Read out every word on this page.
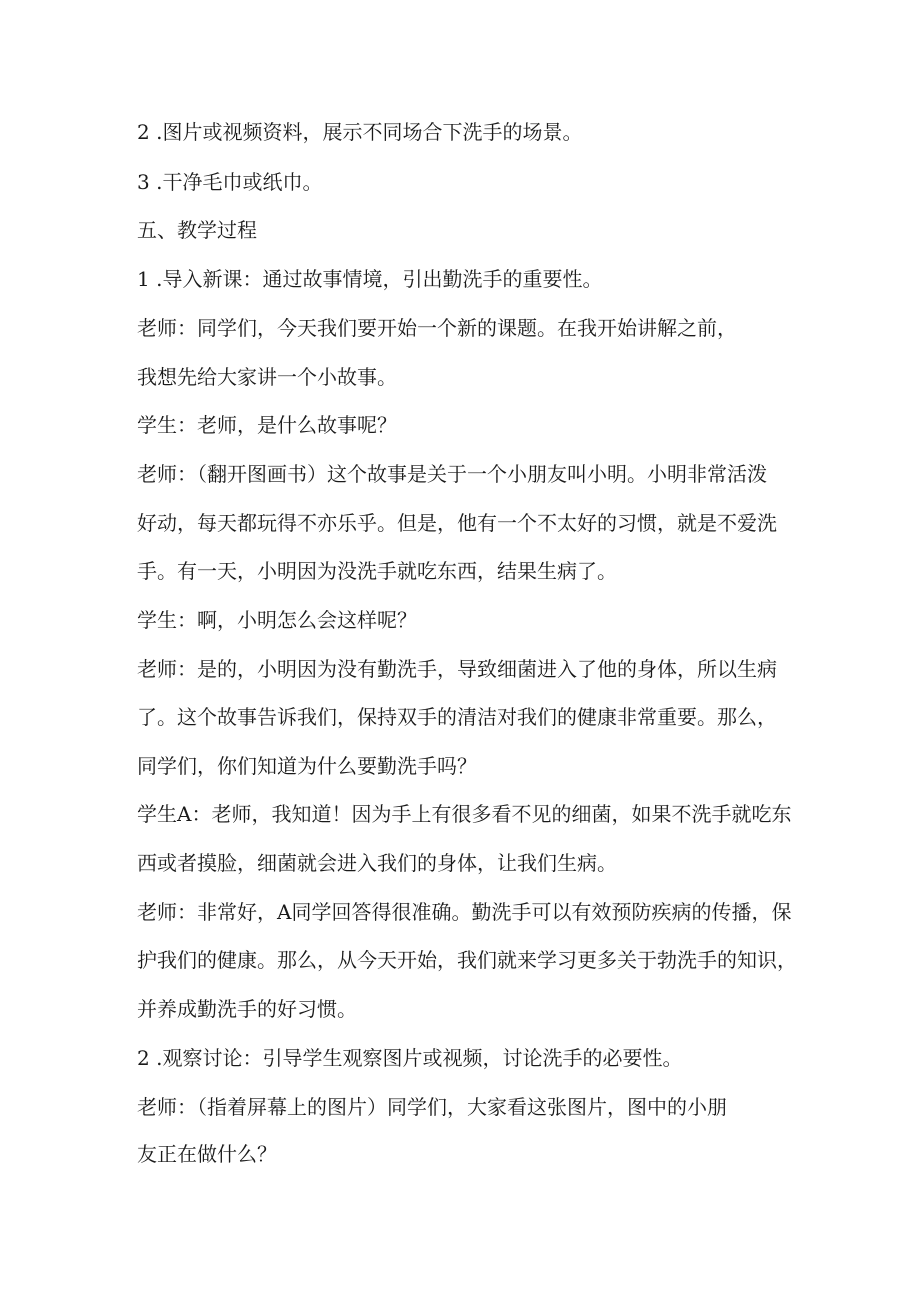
2 .图片或视频资料，展示不同场合下洗手的场景。
3 .干净毛巾或纸巾。
五、教学过程
1 .导入新课：通过故事情境，引出勤洗手的重要性。
老师：同学们，今天我们要开始一个新的课题。在我开始讲解之前，
我想先给大家讲一个小故事。
学生：老师，是什么故事呢？
老师：（翻开图画书）这个故事是关于一个小朋友叫小明。小明非常活泼
好动，每天都玩得不亦乐乎。但是，他有一个不太好的习惯，就是不爱洗
手。有一天，小明因为没洗手就吃东西，结果生病了。
学生：啊，小明怎么会这样呢？
老师：是的，小明因为没有勤洗手，导致细菌进入了他的身体，所以生病
了。这个故事告诉我们，保持双手的清洁对我们的健康非常重要。那么，
同学们，你们知道为什么要勤洗手吗？
学生A：老师，我知道！因为手上有很多看不见的细菌，如果不洗手就吃东
西或者摸脸，细菌就会进入我们的身体，让我们生病。
老师：非常好，A同学回答得很准确。勤洗手可以有效预防疾病的传播，保
护我们的健康。那么，从今天开始，我们就来学习更多关于勃洗手的知识，
并养成勤洗手的好习惯。
2 .观察讨论：引导学生观察图片或视频，讨论洗手的必要性。
老师：（指着屏幕上的图片）同学们，大家看这张图片，图中的小朋
友正在做什么？
